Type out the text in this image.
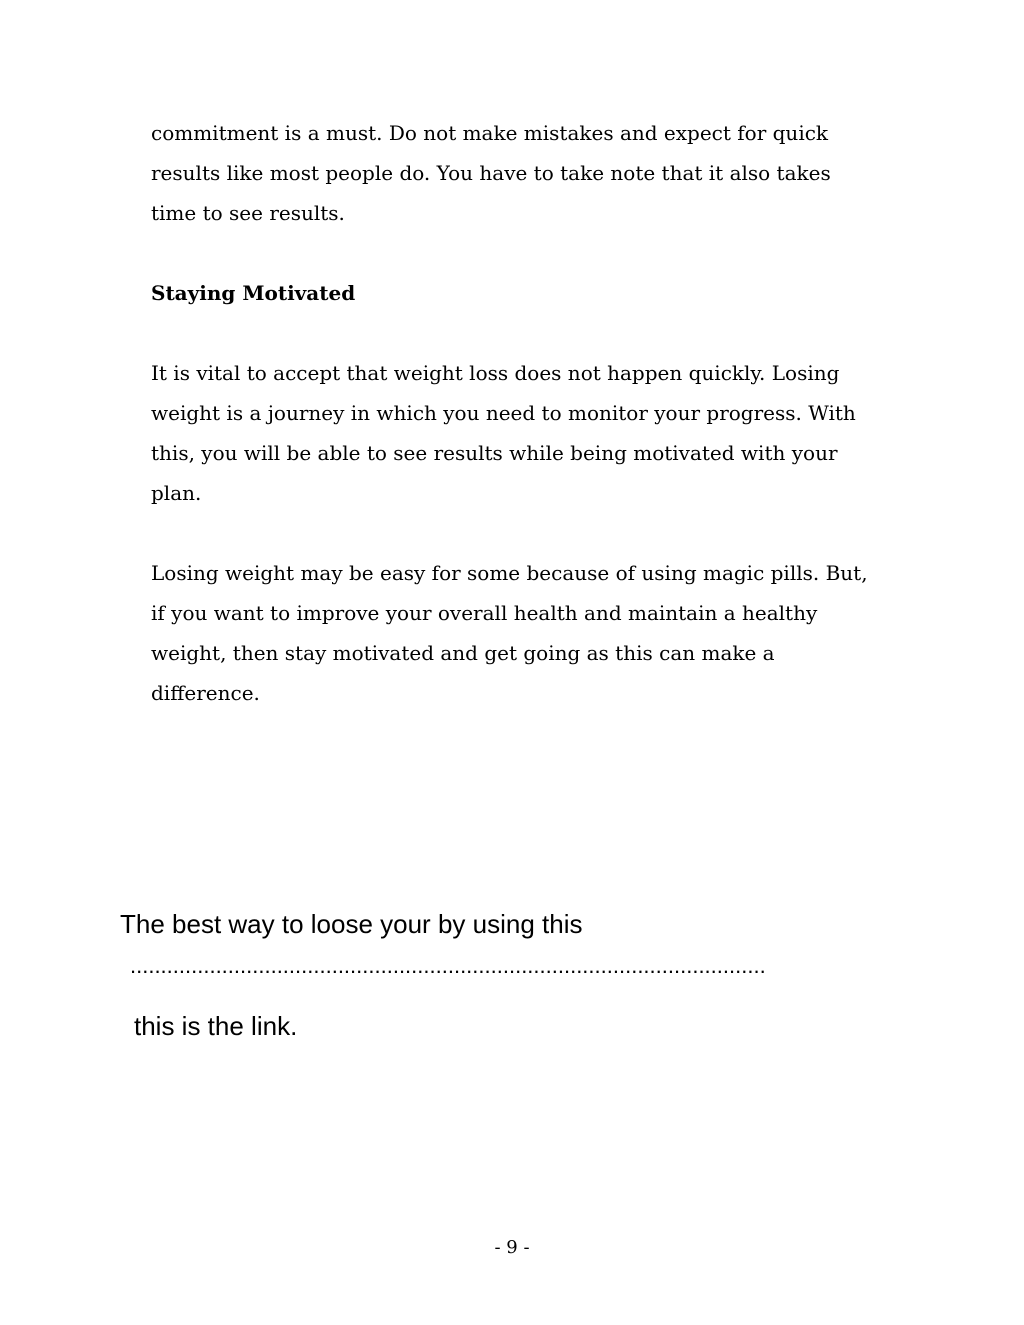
commitment is a must. Do not make mistakes and expect for quick
results like most people do. You have to take note that it also takes
time to see results.

Staying Motivated

It is vital to accept that weight loss does not happen quickly. Losing
weight is a journey in which you need to monitor your progress. With
this, you will be able to see results while being motivated with your
plan.

Losing weight may be easy for some because of using magic pills. But,
if you want to improve your overall health and maintain a healthy
weight, then stay motivated and get going as this can make a
difference.

The best way to loose your by using this

........................................................................................................

this is the link.

- 9 -
